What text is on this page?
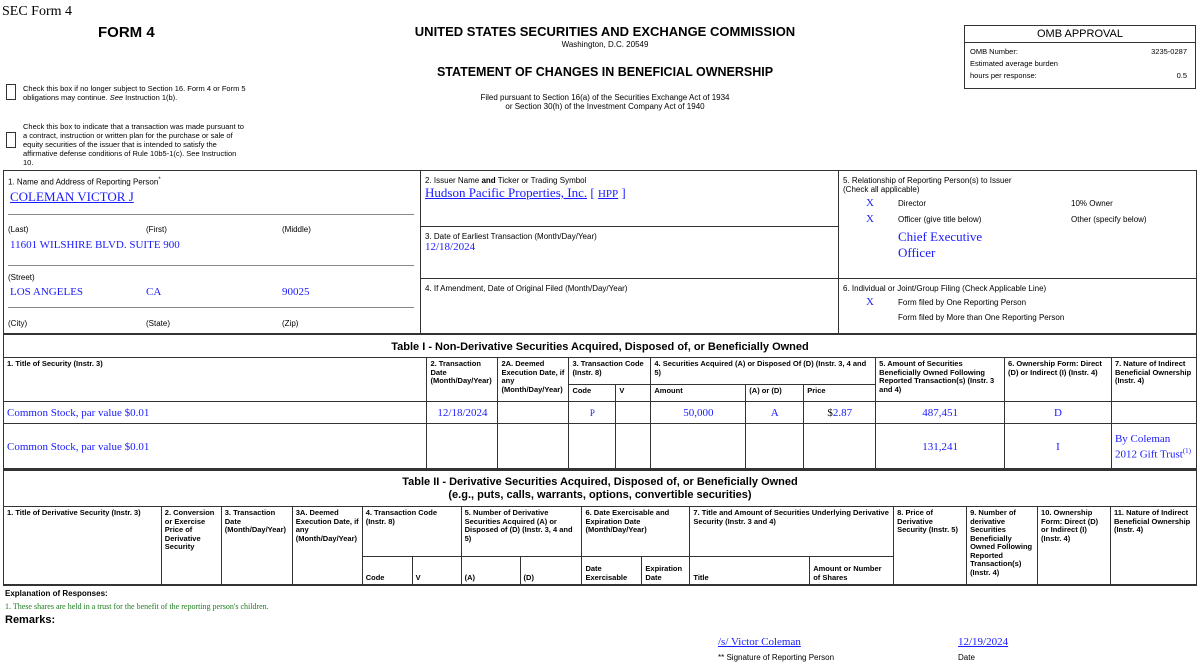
SEC Form 4
FORM 4	UNITED STATES SECURITIES AND EXCHANGE COMMISSION
Washington, D.C. 20549
STATEMENT OF CHANGES IN BENEFICIAL OWNERSHIP
Filed pursuant to Section 16(a) of the Securities Exchange Act of 1934
or Section 30(h) of the Investment Company Act of 1940
OMB APPROVAL
OMB Number:	3235-0287
Estimated average burden
hours per response:	0.5
Check this box if no longer subject to Section 16. Form 4 or Form 5
obligations may continue. See Instruction 1(b).
Check this box to indicate that a transaction was made pursuant to
a contract, instruction or written plan for the purchase or sale of
equity securities of the issuer that is intended to satisfy the
affirmative defense conditions of Rule 10b5-1(c). See Instruction
10.
1. Name and Address of Reporting Person*
COLEMAN VICTOR J
(Last)	(First)	(Middle)
11601 WILSHIRE BLVD. SUITE 900
(Street)
LOS ANGELES	CA	90025
(City)	(State)	(Zip)
2. Issuer Name and Ticker or Trading Symbol
Hudson Pacific Properties, Inc. [ HPP ]
3. Date of Earliest Transaction (Month/Day/Year)
12/18/2024
4. If Amendment, Date of Original Filed (Month/Day/Year)
5. Relationship of Reporting Person(s) to Issuer
(Check all applicable)
X	Director	10% Owner
X	Officer (give title below)	Other (specify below)
Chief Executive
Officer
6. Individual or Joint/Group Filing (Check Applicable Line)
X	Form filed by One Reporting Person
Form filed by More than One Reporting Person
Table I - Non-Derivative Securities Acquired, Disposed of, or Beneficially Owned
1. Title of Security (Instr. 3)	2. Transaction Date (Month/Day/Year)	2A. Deemed Execution Date, if any (Month/Day/Year)	3. Transaction Code (Instr. 8)		4. Securities Acquired (A) or Disposed Of (D) (Instr. 3, 4 and 5)			5. Amount of Securities Beneficially Owned Following Reported Transaction(s) (Instr. 3 and 4)	6. Ownership Form: Direct (D) or Indirect (I) (Instr. 4)	7. Nature of Indirect Beneficial Ownership (Instr. 4)
			Code	V	Amount	(A) or (D)	Price			
Common Stock, par value $0.01	12/18/2024		P		50,000	A	$2.87	487,451	D	
Common Stock, par value $0.01								131,241	I	By Coleman 2012 Gift Trust$^{(1)}$
Table II - Derivative Securities Acquired, Disposed of, or Beneficially Owned
(e.g., puts, calls, warrants, options, convertible securities)
1. Title of Derivative Security (Instr. 3)	2. Conversion or Exercise Price of Derivative Security	3. Transaction Date (Month/Day/Year)	3A. Deemed Execution Date, if any (Month/Day/Year)	4. Transaction Code (Instr. 8)		5. Number of Derivative Securities Acquired (A) or Disposed of (D) (Instr. 3, 4 and 5)		6. Date Exercisable and Expiration Date (Month/Day/Year)		7. Title and Amount of Securities Underlying Derivative Security (Instr. 3 and 4)		8. Price of Derivative Security (Instr. 5)	9. Number of derivative Securities Beneficially Owned Following Reported Transaction(s) (Instr. 4)	10. Ownership Form: Direct (D) or Indirect (I) (Instr. 4)	11. Nature of Indirect Beneficial Ownership (Instr. 4)
				Code	V	(A)	(D)	Date Exercisable	Expiration Date	Title	Amount or Number of Shares				
Explanation of Responses:
1. These shares are held in a trust for the benefit of the reporting person's children.
Remarks:
/s/ Victor Coleman
** Signature of Reporting Person
12/19/2024
Date
